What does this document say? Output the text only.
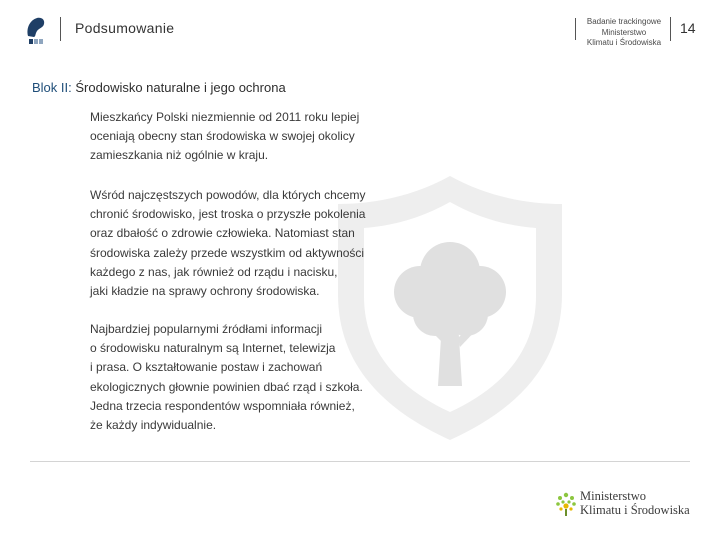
Podsumowanie	Badanie trackingowe
Ministerstwo
Klimatu i Środowiska
14
Blok II: Środowisko naturalne i jego ochrona
Mieszkańcy Polski niezmiennie od 2011 roku lepiej
oceniają obecny stan środowiska w swojej okolicy
zamieszkania niż ogólnie w kraju.
Wśród najczęstszych powodów, dla których chcemy
chronić środowisko, jest troska o przyszłe pokolenia
oraz dbałość o zdrowie człowieka. Natomiast stan
środowiska zależy przede wszystkim od aktywności
każdego z nas, jak również od rządu i nacisku,
jaki kładzie na sprawy ochrony środowiska.
Najbardziej popularnymi źródłami informacji
o środowisku naturalnym są Internet, telewizja
i prasa. O kształtowanie postaw i zachowań
ekologicznych głownie powinien dbać rząd i szkoła.
Jedna trzecia respondentów wspomniała również,
że każdy indywidualnie.
Ministerstwo
Klimatu i Środowiska
